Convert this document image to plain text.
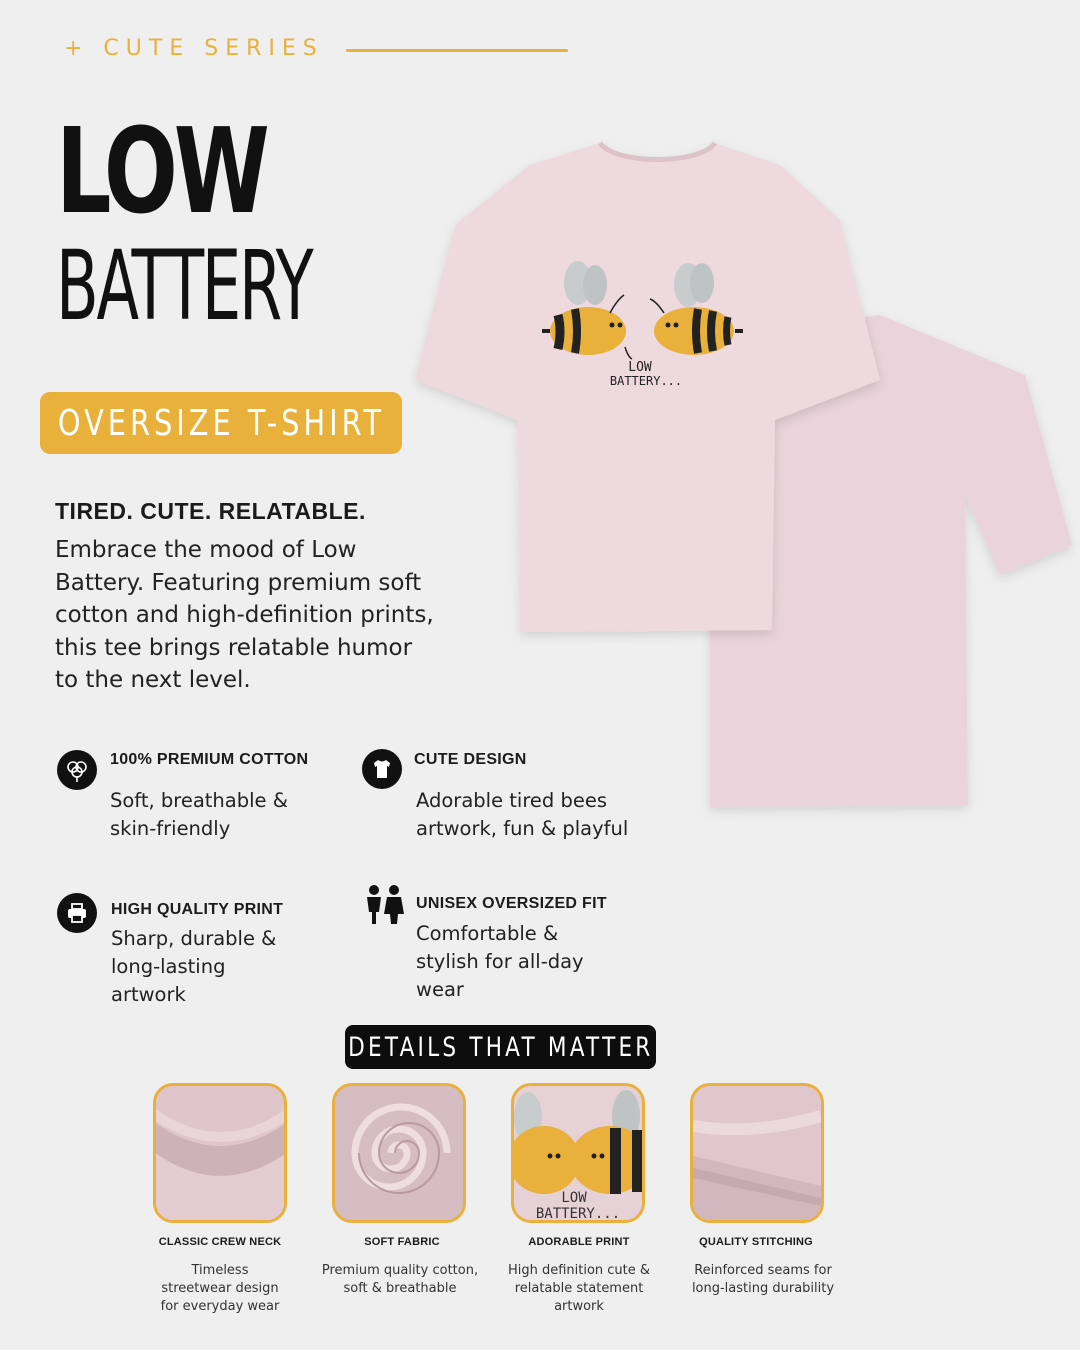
+ CUTE SERIES
LOW
BATTERY
OVERSIZE T-SHIRT
TIRED. CUTE. RELATABLE.
Embrace the mood of Low Battery. Featuring premium soft cotton and high-definition prints, this tee brings relatable humor to the next level.
LOW
BATTERY...
100% PREMIUM COTTON
Soft, breathable & skin-friendly
CUTE DESIGN
Adorable tired bees artwork, fun & playful
HIGH QUALITY PRINT
Sharp, durable & long-lasting artwork
UNISEX OVERSIZED FIT
Comfortable & stylish for all-day wear
DETAILS THAT MATTER
LOW
BATTERY...
CLASSIC CREW NECK
Timeless streetwear design for everyday wear
SOFT FABRIC
Premium quality cotton, soft & breathable
ADORABLE PRINT
High definition cute & relatable statement artwork
QUALITY STITCHING
Reinforced seams for long-lasting durability
